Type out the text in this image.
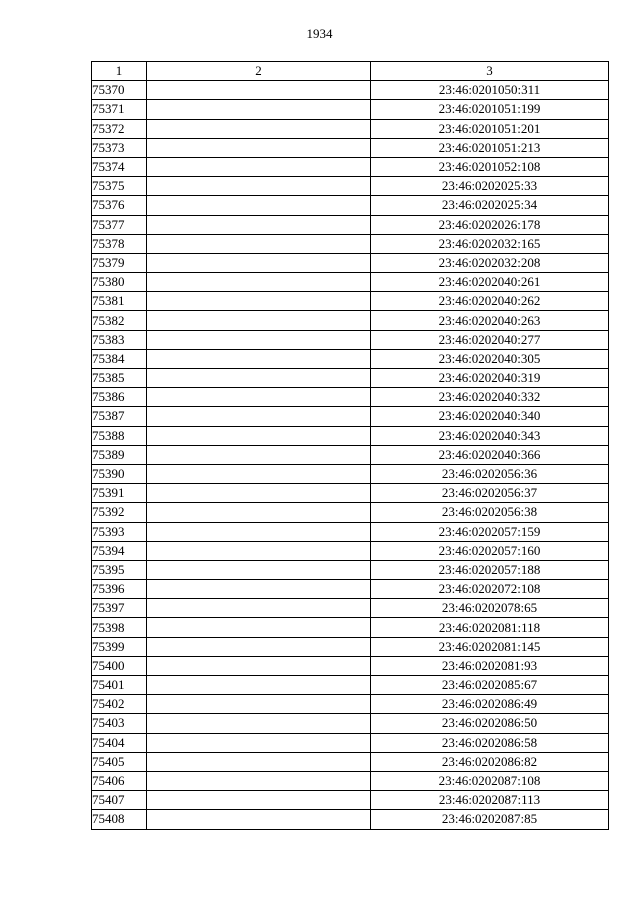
1934
1	2	3
75370		23:46:0201050:311
75371		23:46:0201051:199
75372		23:46:0201051:201
75373		23:46:0201051:213
75374		23:46:0201052:108
75375		23:46:0202025:33
75376		23:46:0202025:34
75377		23:46:0202026:178
75378		23:46:0202032:165
75379		23:46:0202032:208
75380		23:46:0202040:261
75381		23:46:0202040:262
75382		23:46:0202040:263
75383		23:46:0202040:277
75384		23:46:0202040:305
75385		23:46:0202040:319
75386		23:46:0202040:332
75387		23:46:0202040:340
75388		23:46:0202040:343
75389		23:46:0202040:366
75390		23:46:0202056:36
75391		23:46:0202056:37
75392		23:46:0202056:38
75393		23:46:0202057:159
75394		23:46:0202057:160
75395		23:46:0202057:188
75396		23:46:0202072:108
75397		23:46:0202078:65
75398		23:46:0202081:118
75399		23:46:0202081:145
75400		23:46:0202081:93
75401		23:46:0202085:67
75402		23:46:0202086:49
75403		23:46:0202086:50
75404		23:46:0202086:58
75405		23:46:0202086:82
75406		23:46:0202087:108
75407		23:46:0202087:113
75408		23:46:0202087:85
